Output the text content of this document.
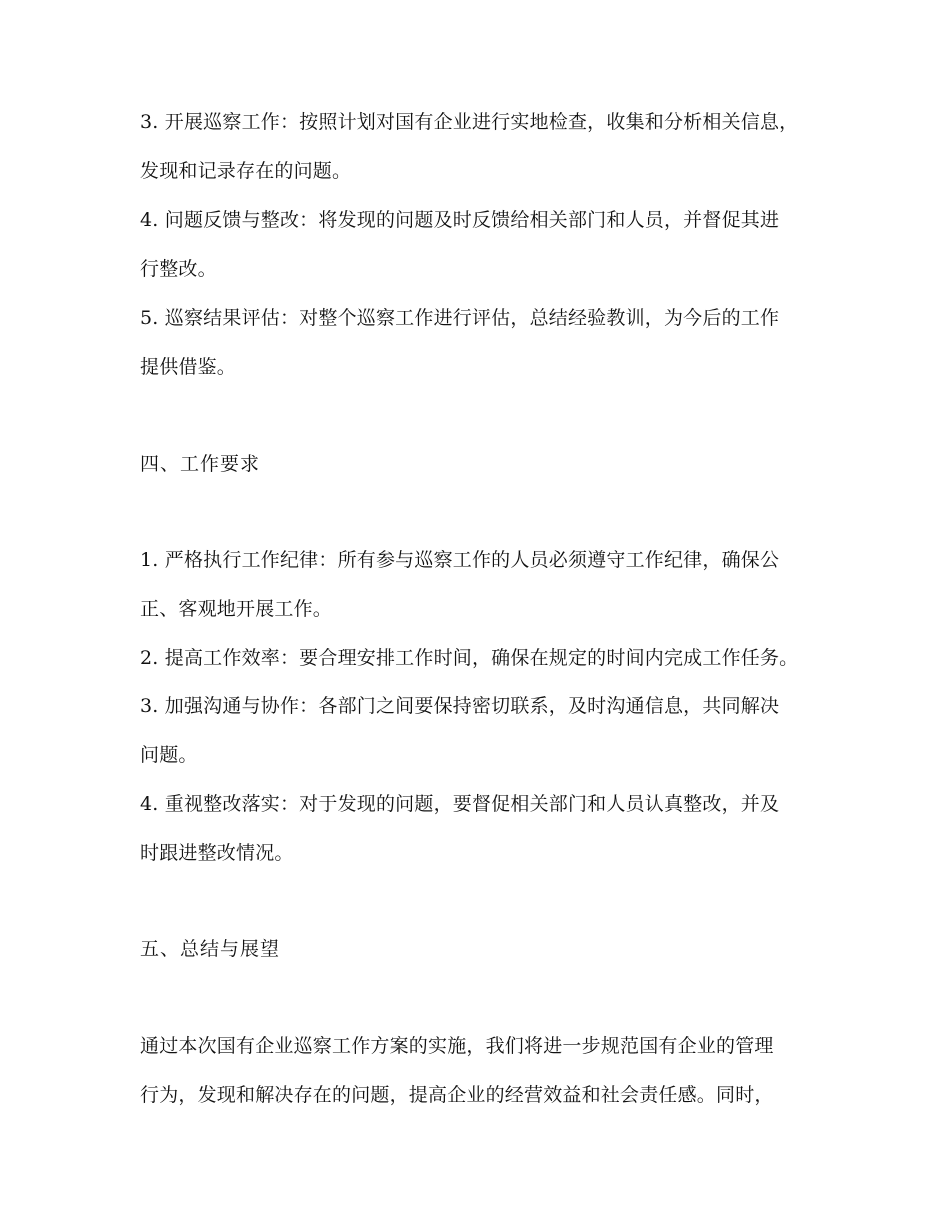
3. 开展巡察工作：按照计划对国有企业进行实地检查，收集和分析相关信息，
发现和记录存在的问题。
4. 问题反馈与整改：将发现的问题及时反馈给相关部门和人员，并督促其进
行整改。
5. 巡察结果评估：对整个巡察工作进行评估，总结经验教训，为今后的工作
提供借鉴。
四、工作要求
1. 严格执行工作纪律：所有参与巡察工作的人员必须遵守工作纪律，确保公
正、客观地开展工作。
2. 提高工作效率：要合理安排工作时间，确保在规定的时间内完成工作任务。
3. 加强沟通与协作：各部门之间要保持密切联系，及时沟通信息，共同解决
问题。
4. 重视整改落实：对于发现的问题，要督促相关部门和人员认真整改，并及
时跟进整改情况。
五、总结与展望
通过本次国有企业巡察工作方案的实施，我们将进一步规范国有企业的管理
行为，发现和解决存在的问题，提高企业的经营效益和社会责任感。同时，
